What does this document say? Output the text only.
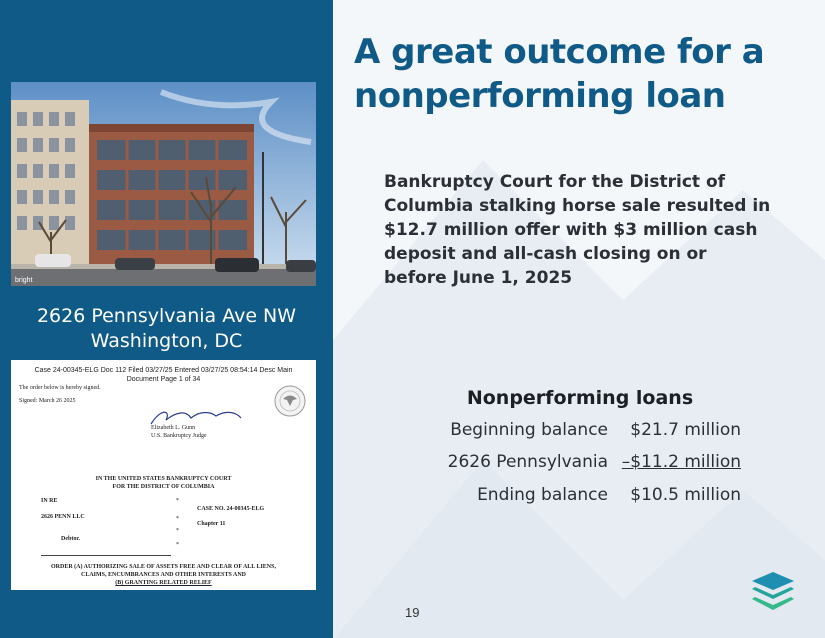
bright
2626 Pennsylvania Ave NW
Washington, DC
Case 24-00345-ELG Doc 112 Filed 03/27/25 Entered 03/27/25 08:54:14 Desc Main
Document Page 1 of 34
The order below is hereby signed.
Signed: March 26 2025
Elizabeth L. Gunn
U.S. Bankruptcy Judge
IN THE UNITED STATES BANKRUPTCY COURT
FOR THE DISTRICT OF COLUMBIA
IN RE
2626 PENN LLC
Debtor.
*
*
*
*
CASE NO. 24-00345-ELG
Chapter 11
ORDER (A) AUTHORIZING SALE OF ASSETS FREE AND CLEAR OF ALL LIENS,
CLAIMS, ENCUMBRANCES AND OTHER INTERESTS AND
(B) GRANTING RELATED RELIEF
A great outcome for a
nonperforming loan
Bankruptcy Court for the District of
Columbia stalking horse sale resulted in
$12.7 million offer with $3 million cash
deposit and all-cash closing on or
before June 1, 2025
Nonperforming loans
Beginning balance $21.7 million
2626 Pennsylvania –$11.2 million
Ending balance $10.5 million
19
